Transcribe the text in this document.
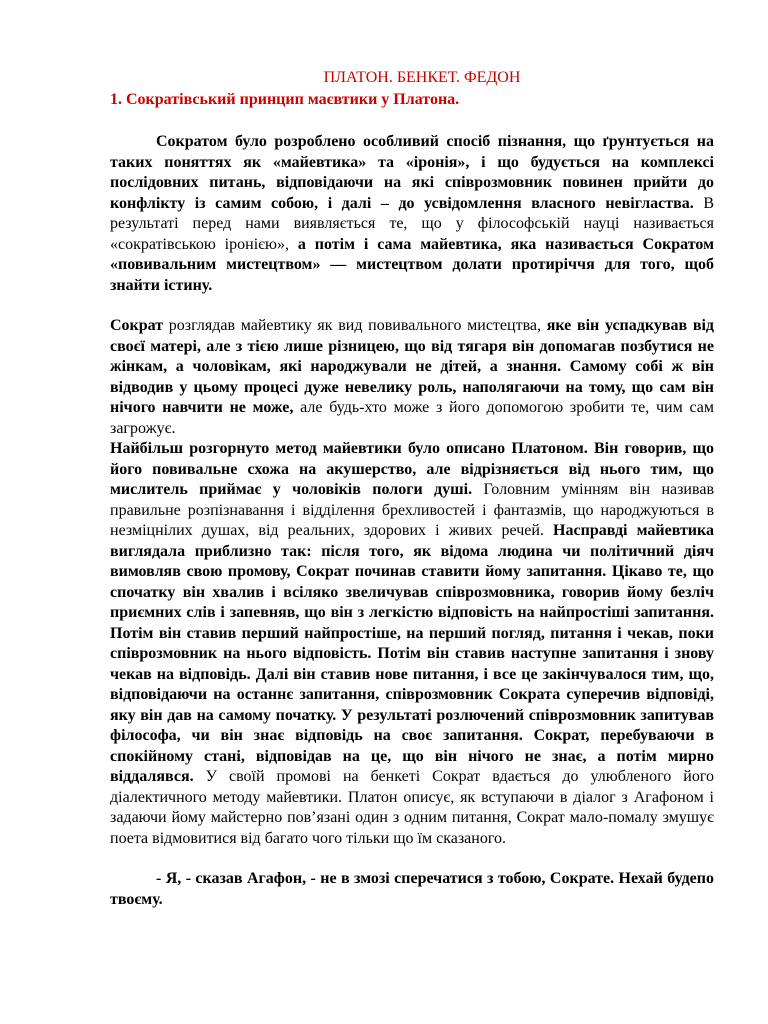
ПЛАТОН. БЕНКЕТ. ФЕДОН
1. Сократівський принцип маєвтики у Платона.

Сократом було розроблено особливий спосіб пізнання, що ґрунтується на таких поняттях як «майевтика» та «іронія», і що будується на комплексі послідовних питань, відповідаючи на які співрозмовник повинен прийти до конфлікту із самим собою, і далі – до усвідомлення власного невігластва. В результаті перед нами виявляється те, що у філософській науці називається «сократівською іронією», а потім і сама майевтика, яка називається Сократом «повивальним мистецтвом» — мистецтвом долати протиріччя для того, щоб знайти істину.

Сократ розглядав майевтику як вид повивального мистецтва, яке він успадкував від своєї матері, але з тією лише різницею, що від тягаря він допомагав позбутися не жінкам, а чоловікам, які народжували не дітей, а знання. Самому собі ж він відводив у цьому процесі дуже невелику роль, наполягаючи на тому, що сам він нічого навчити не може, але будь-хто може з його допомогою зробити те, чим сам загрожує.

Найбільш розгорнуто метод майевтики було описано Платоном. Він говорив, що його повивальне схожа на акушерство, але відрізняється від нього тим, що мислитель приймає у чоловіків пологи душі. Головним умінням він називав правильне розпізнавання і відділення брехливостей і фантазмів, що народжуються в незміцнілих душах, від реальних, здорових і живих речей. Насправді майевтика виглядала приблизно так: після того, як відома людина чи політичний діяч вимовляв свою промову, Сократ починав ставити йому запитання. Цікаво те, що спочатку він хвалив і всіляко звеличував співрозмовника, говорив йому безліч приємних слів і запевняв, що він з легкістю відповість на найпростіші запитання. Потім він ставив перший найпростіше, на перший погляд, питання і чекав, поки співрозмовник на нього відповість. Потім він ставив наступне запитання і знову чекав на відповідь. Далі він ставив нове питання, і все це закінчувалося тим, що, відповідаючи на останнє запитання, співрозмовник Сократа суперечив відповіді, яку він дав на самому початку. У результаті розлючений співрозмовник запитував філософа, чи він знає відповідь на своє запитання. Сократ, перебуваючи в спокійному стані, відповідав на це, що він нічого не знає, а потім мирно віддалявся. У своїй промові на бенкеті Сократ вдається до улюбленого його діалектичного методу майевтики. Платон описує, як вступаючи в діалог з Агафоном і задаючи йому майстерно пов’язані один з одним питання, Сократ мало-помалу змушує поета відмовитися від багато чого тільки що їм сказаного.

- Я, - сказав Агафон, - не в змозі сперечатися з тобою, Сократе. Нехай будепо твоєму.
